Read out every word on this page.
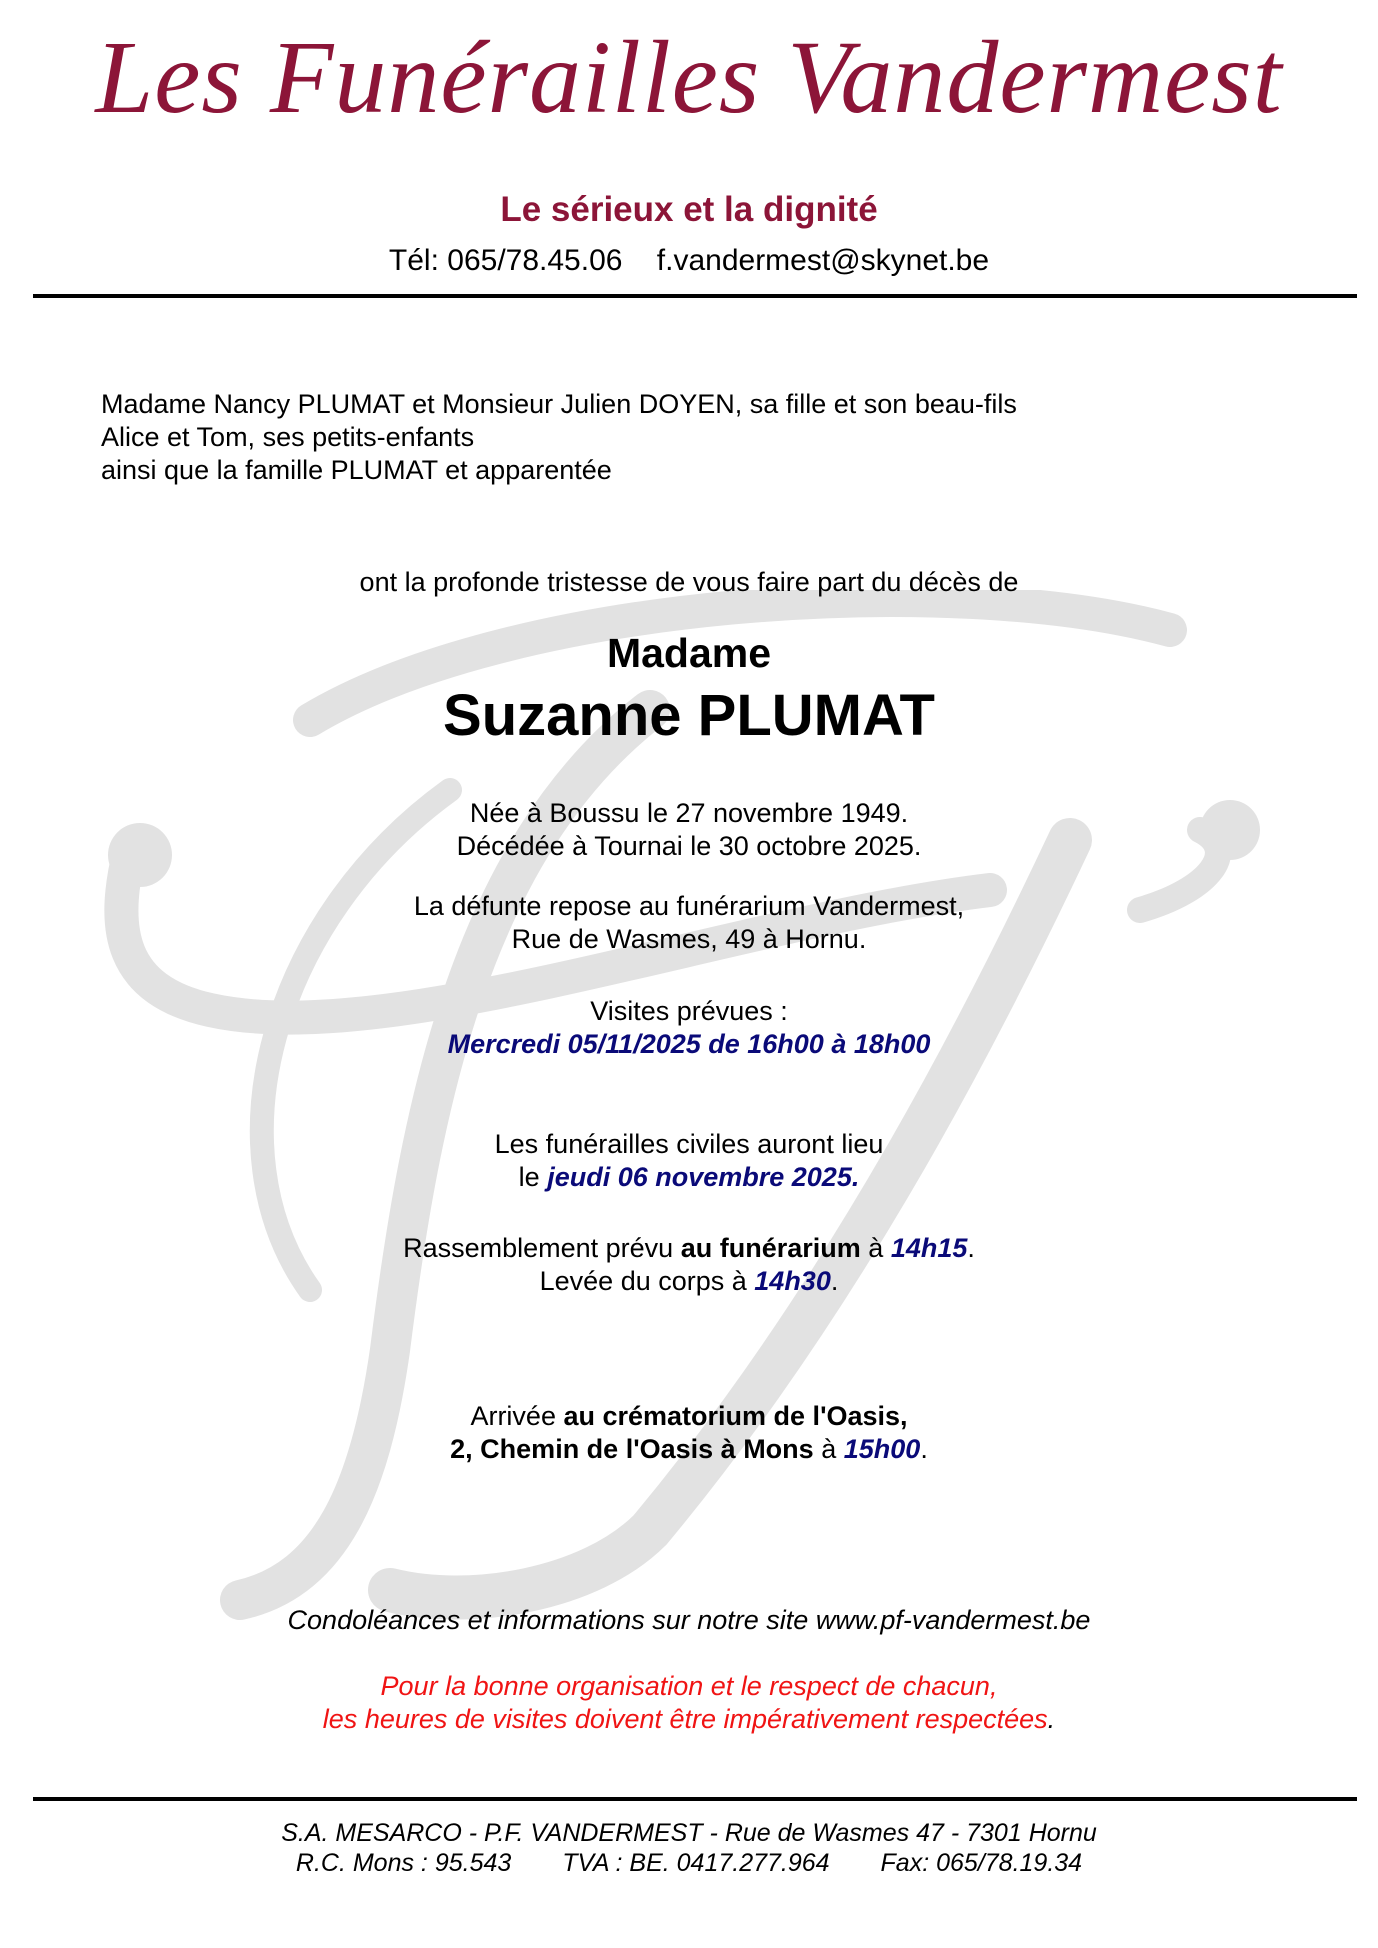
Les Funérailles Vandermest
Le sérieux et la dignité
Tél: 065/78.45.06 f.vandermest@skynet.be
Madame Nancy PLUMAT et Monsieur Julien DOYEN, sa fille et son beau-fils
Alice et Tom, ses petits-enfants
ainsi que la famille PLUMAT et apparentée
ont la profonde tristesse de vous faire part du décès de
Madame
Suzanne PLUMAT
Née à Boussu le 27 novembre 1949.
Décédée à Tournai le 30 octobre 2025.
La défunte repose au funérarium Vandermest,
Rue de Wasmes, 49 à Hornu.
Visites prévues :
Mercredi 05/11/2025 de 16h00 à 18h00
Les funérailles civiles auront lieu
le jeudi 06 novembre 2025.
Rassemblement prévu au funérarium à 14h15.
Levée du corps à 14h30.
Arrivée au crématorium de l'Oasis,
2, Chemin de l'Oasis à Mons à 15h00.
Condoléances et informations sur notre site www.pf-vandermest.be
Pour la bonne organisation et le respect de chacun,
les heures de visites doivent être impérativement respectées.
S.A. MESARCO - P.F. VANDERMEST - Rue de Wasmes 47 - 7301 Hornu
R.C. Mons : 95.543 TVA : BE. 0417.277.964 Fax: 065/78.19.34
